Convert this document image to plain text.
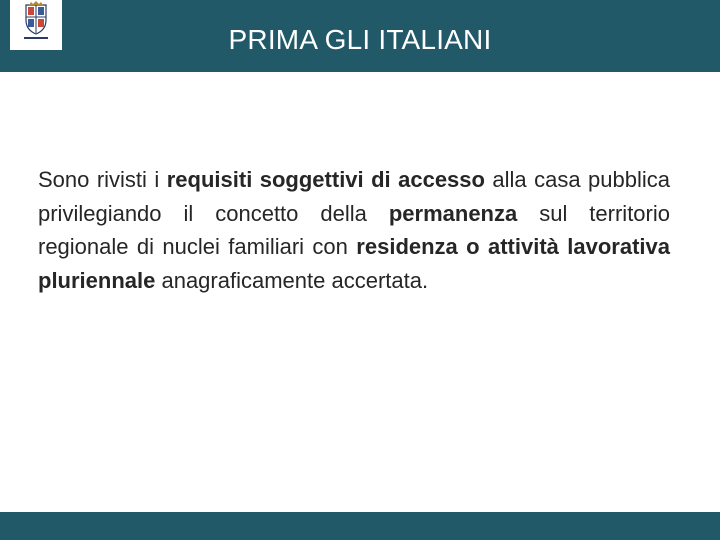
PRIMA GLI ITALIANI
Sono rivisti i requisiti soggettivi di accesso alla casa pubblica privilegiando il concetto della permanenza sul territorio regionale di nuclei familiari con residenza o attività lavorativa pluriennale anagraficamente accertata.
